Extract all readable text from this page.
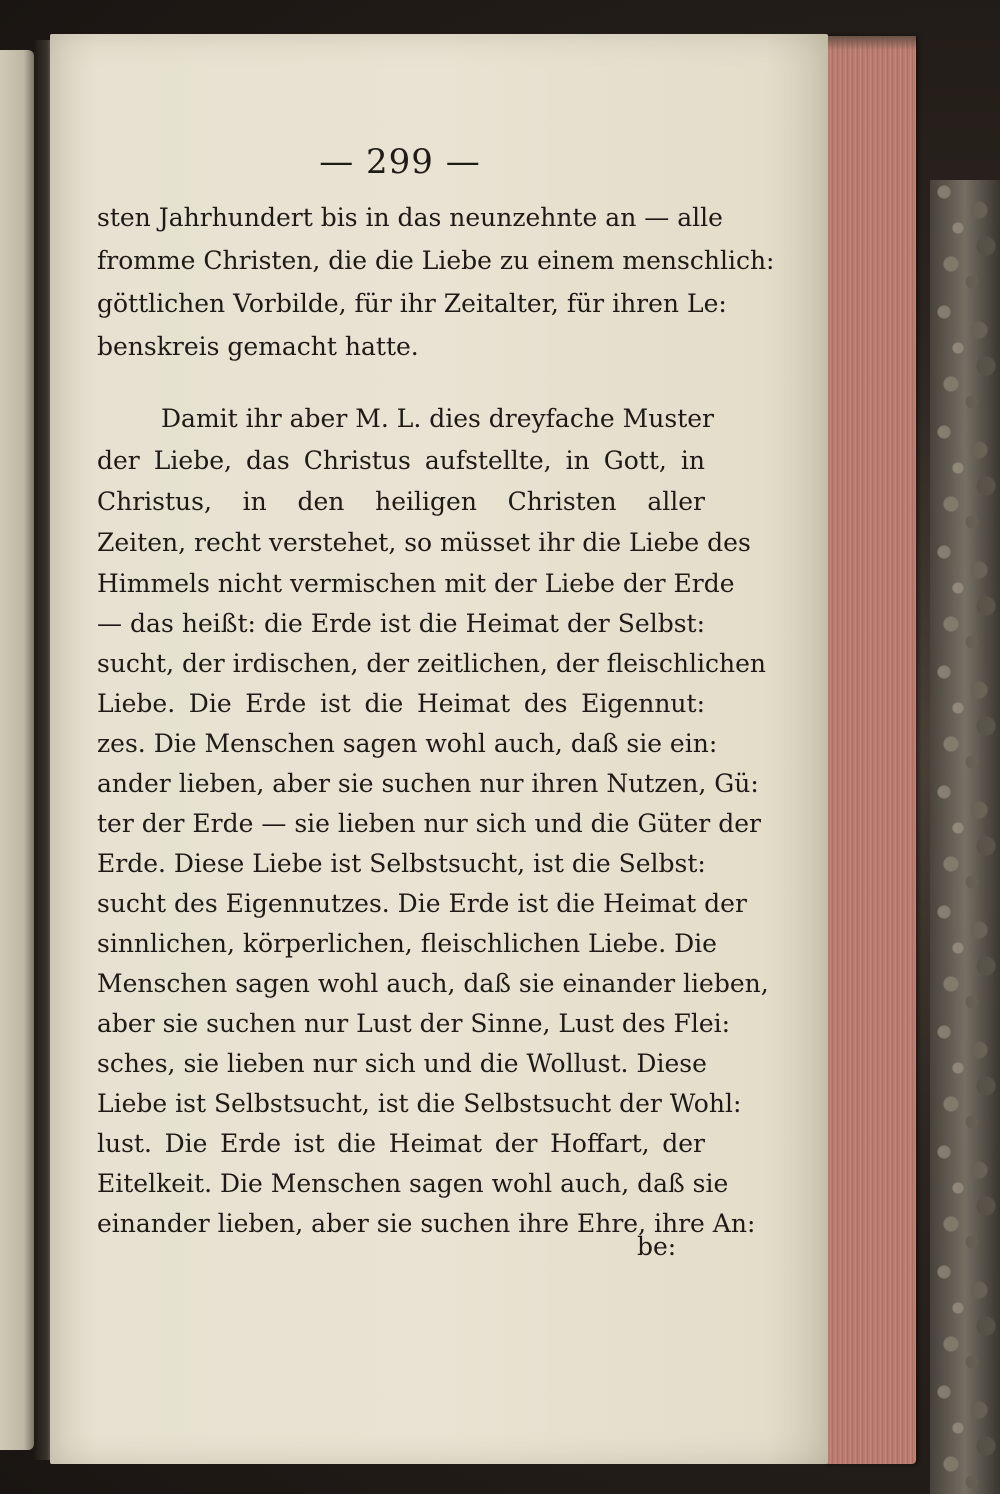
— 299 —
sten Jahrhundert bis in das neunzehnte an — alle
fromme Christen, die die Liebe zu einem menschlich:
göttlichen Vorbilde, für ihr Zeitalter, für ihren Le:
benskreis gemacht hatte.
Damit ihr aber M. L. dies dreyfache Muster
der Liebe, das Christus aufstellte, in Gott, in
Christus, in den heiligen Christen aller
Zeiten, recht verstehet, so müsset ihr die Liebe des
Himmels nicht vermischen mit der Liebe der Erde
— das heißt: die Erde ist die Heimat der Selbst:
sucht, der irdischen, der zeitlichen, der fleischlichen
Liebe. Die Erde ist die Heimat des Eigennut:
zes. Die Menschen sagen wohl auch, daß sie ein:
ander lieben, aber sie suchen nur ihren Nutzen, Gü:
ter der Erde — sie lieben nur sich und die Güter der
Erde. Diese Liebe ist Selbstsucht, ist die Selbst:
sucht des Eigennutzes. Die Erde ist die Heimat der
sinnlichen, körperlichen, fleischlichen Liebe. Die
Menschen sagen wohl auch, daß sie einander lieben,
aber sie suchen nur Lust der Sinne, Lust des Flei:
sches, sie lieben nur sich und die Wollust. Diese
Liebe ist Selbstsucht, ist die Selbstsucht der Wohl:
lust. Die Erde ist die Heimat der Hoffart, der
Eitelkeit. Die Menschen sagen wohl auch, daß sie
einander lieben, aber sie suchen ihre Ehre, ihre An:
be:
